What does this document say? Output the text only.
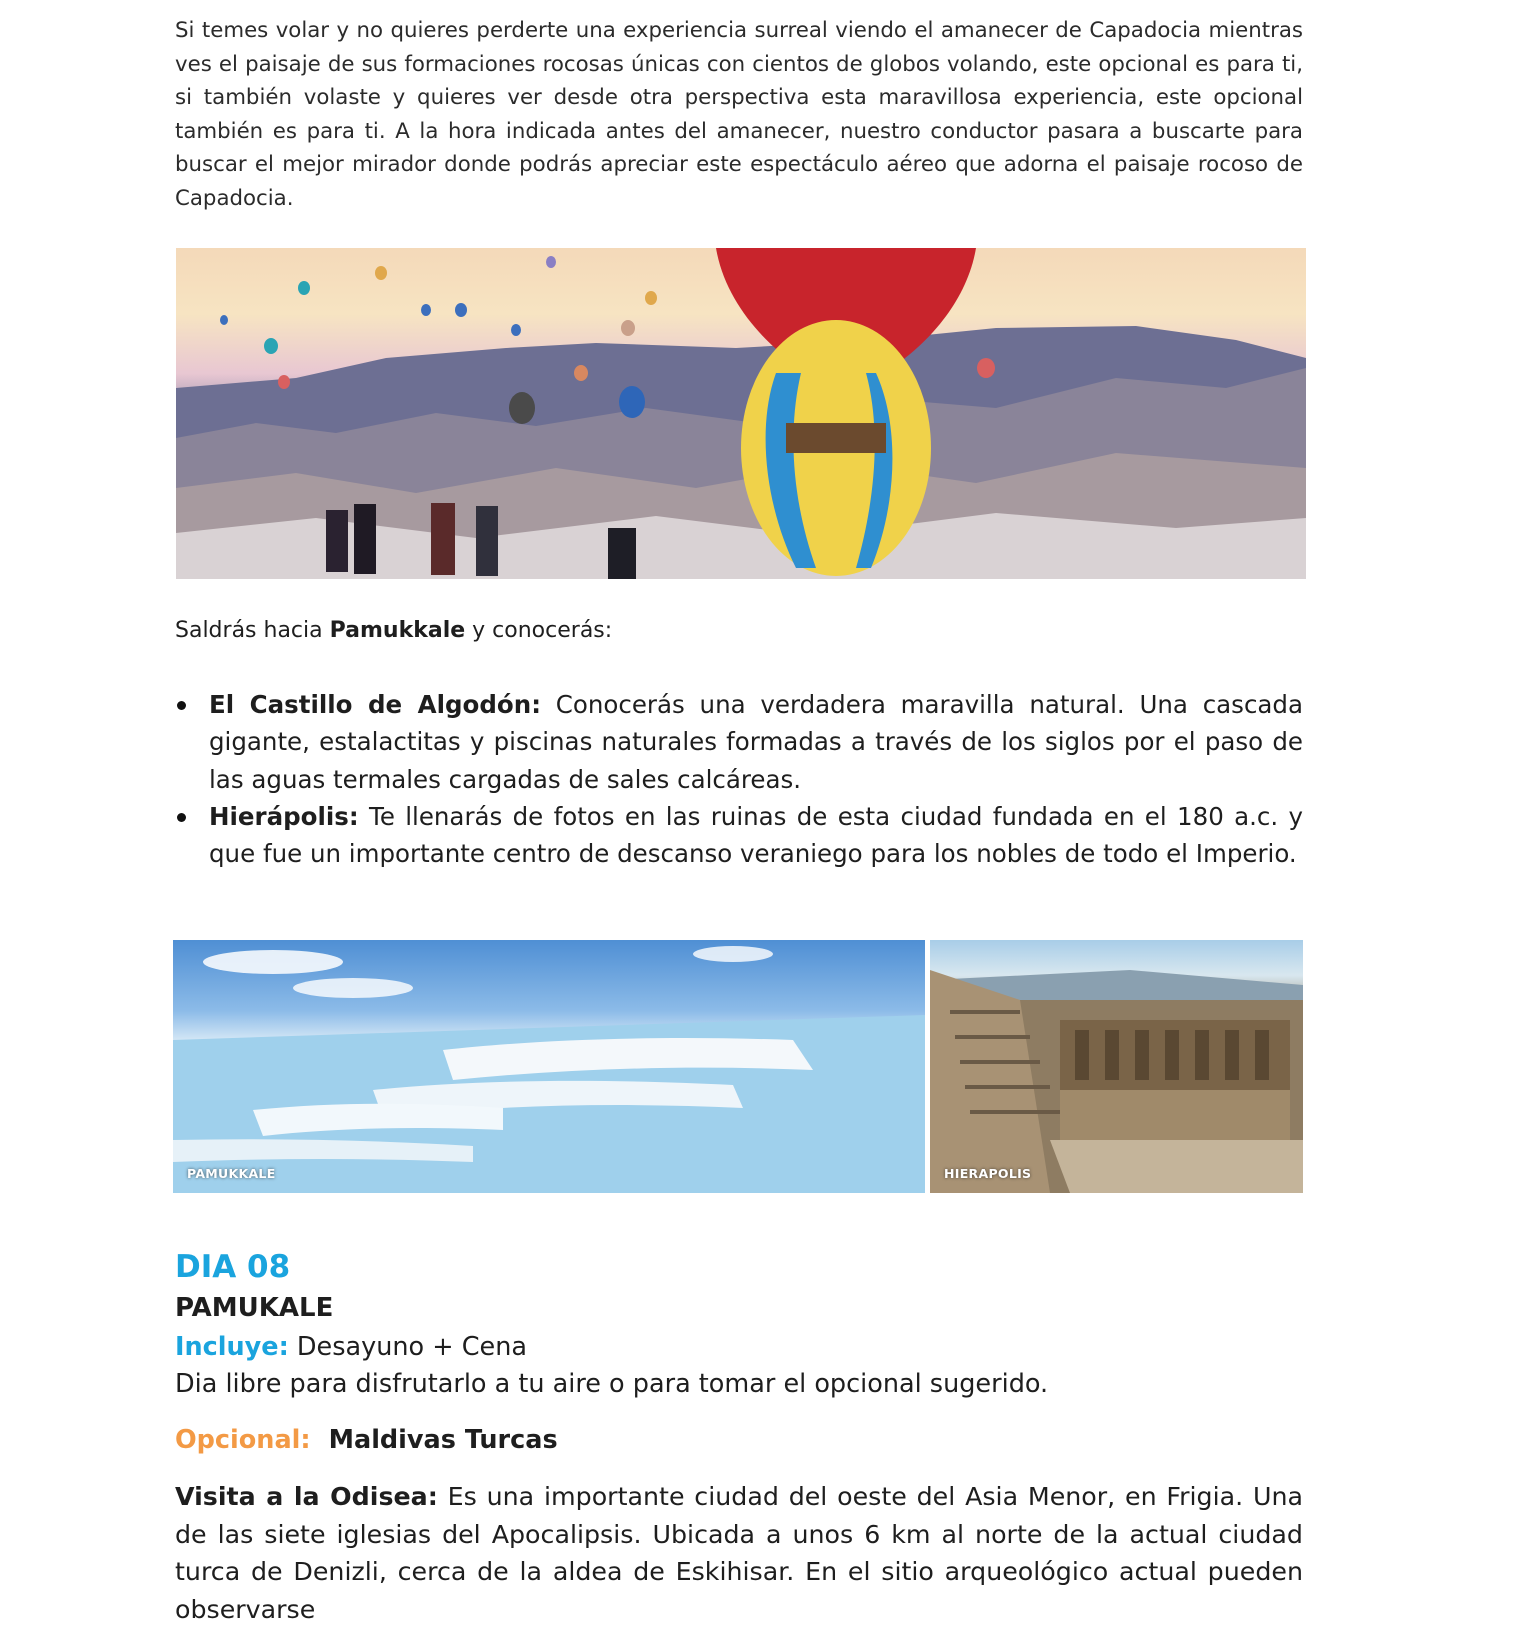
Si temes volar y no quieres perderte una experiencia surreal viendo el amanecer de Capadocia mientras ves el paisaje de sus formaciones rocosas únicas con cientos de globos volando, este opcional es para ti, si también volaste y quieres ver desde otra perspectiva esta maravillosa experiencia, este opcional también es para ti. A la hora indicada antes del amanecer, nuestro conductor pasara a buscarte para buscar el mejor mirador donde podrás apreciar este espectáculo aéreo que adorna el paisaje rocoso de Capadocia.

Saldrás hacia Pamukkale y conocerás:

El Castillo de Algodón: Conocerás una verdadera maravilla natural. Una cascada gigante, estalactitas y piscinas naturales formadas a través de los siglos por el paso de las aguas termales cargadas de sales calcáreas.
Hierápolis: Te llenarás de fotos en las ruinas de esta ciudad fundada en el 180 a.c. y que fue un importante centro de descanso veraniego para los nobles de todo el Imperio.
PAMUKKALE	HIERAPOLIS
DIA 08
PAMUKALE
Incluye: Desayuno + Cena
Dia libre para disfrutarlo a tu aire o para tomar el opcional sugerido.
Opcional: Maldivas Turcas

Visita a la Odisea: Es una importante ciudad del oeste del Asia Menor, en Frigia. Una de las siete iglesias del Apocalipsis. Ubicada a unos 6 km al norte de la actual ciudad turca de Denizli, cerca de la aldea de Eskihisar. En el sitio arqueológico actual pueden observarse
